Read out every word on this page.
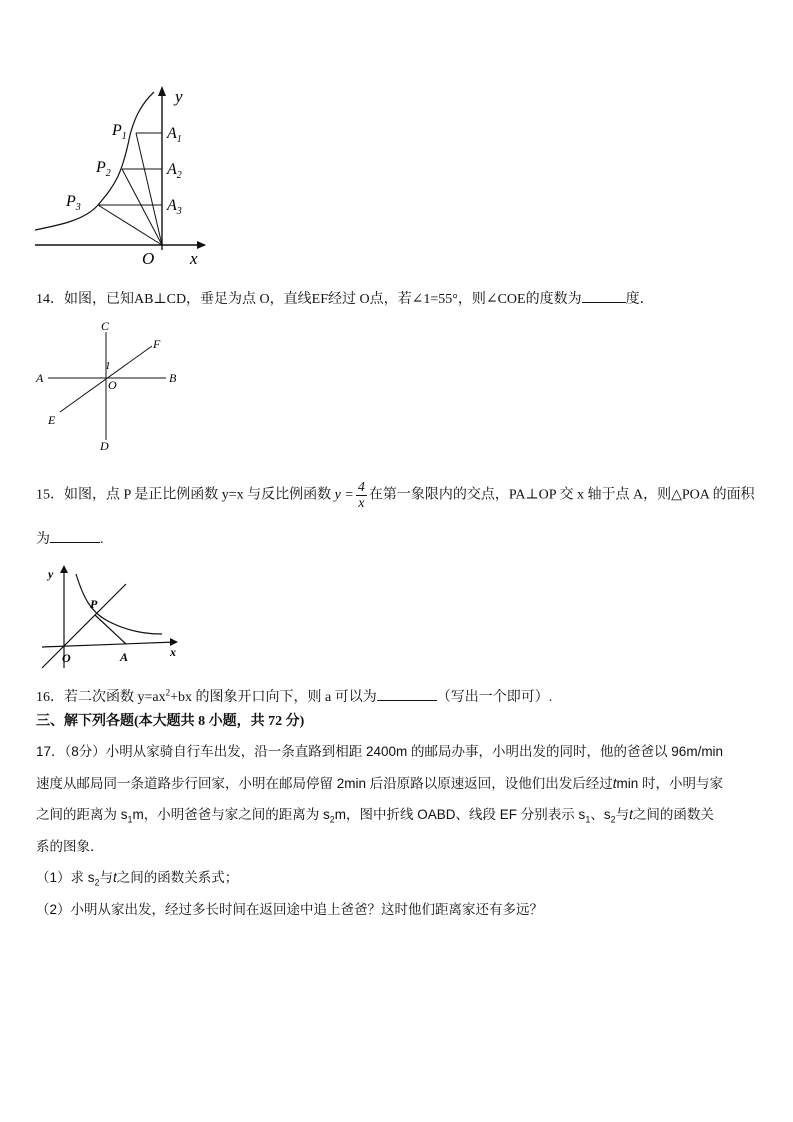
y
x
O
$P_1$
$P_2$
$P_3$
$A_1$
$A_2$
$A_3$
14．如图，已知AB⊥CD，垂足为点 O，直线EF经过 O点，若∠1=55°，则∠COE的度数为	度．
C
F
A	B
O
1
E
D
15．如图，点 P 是正比例函数 y=x 与反比例函数 $y = \frac{4}{x}$ 在第一象限内的交点，PA⊥OP 交 x 轴于点 A，则△POA 的面积
为	.
y
x
O
P
A
16．若二次函数 $y=ax^2+bx$ 的图象开口向下，则 a 可以为	（写出一个即可）.
三、解下列各题(本大题共 8 小题，共 72 分)
17．（8分）小明从家骑自行车出发，沿一条直路到相距 2400m 的邮局办事，小明出发的同时，他的爸爸以 96m/min
速度从邮局同一条道路步行回家，小明在邮局停留 2min 后沿原路以原速返回，设他们出发后经过tmin 时，小明与家
之间的距离为 $s_1m$，小明爸爸与家之间的距离为 $s_2m$，图中折线 OABD、线段 EF 分别表示 $s_1$、$s_2$与t之间的函数关
系的图象．
（1）求 $s_2$与t之间的函数关系式；
（2）小明从家出发，经过多长时间在返回途中追上爸爸？这时他们距离家还有多远？
